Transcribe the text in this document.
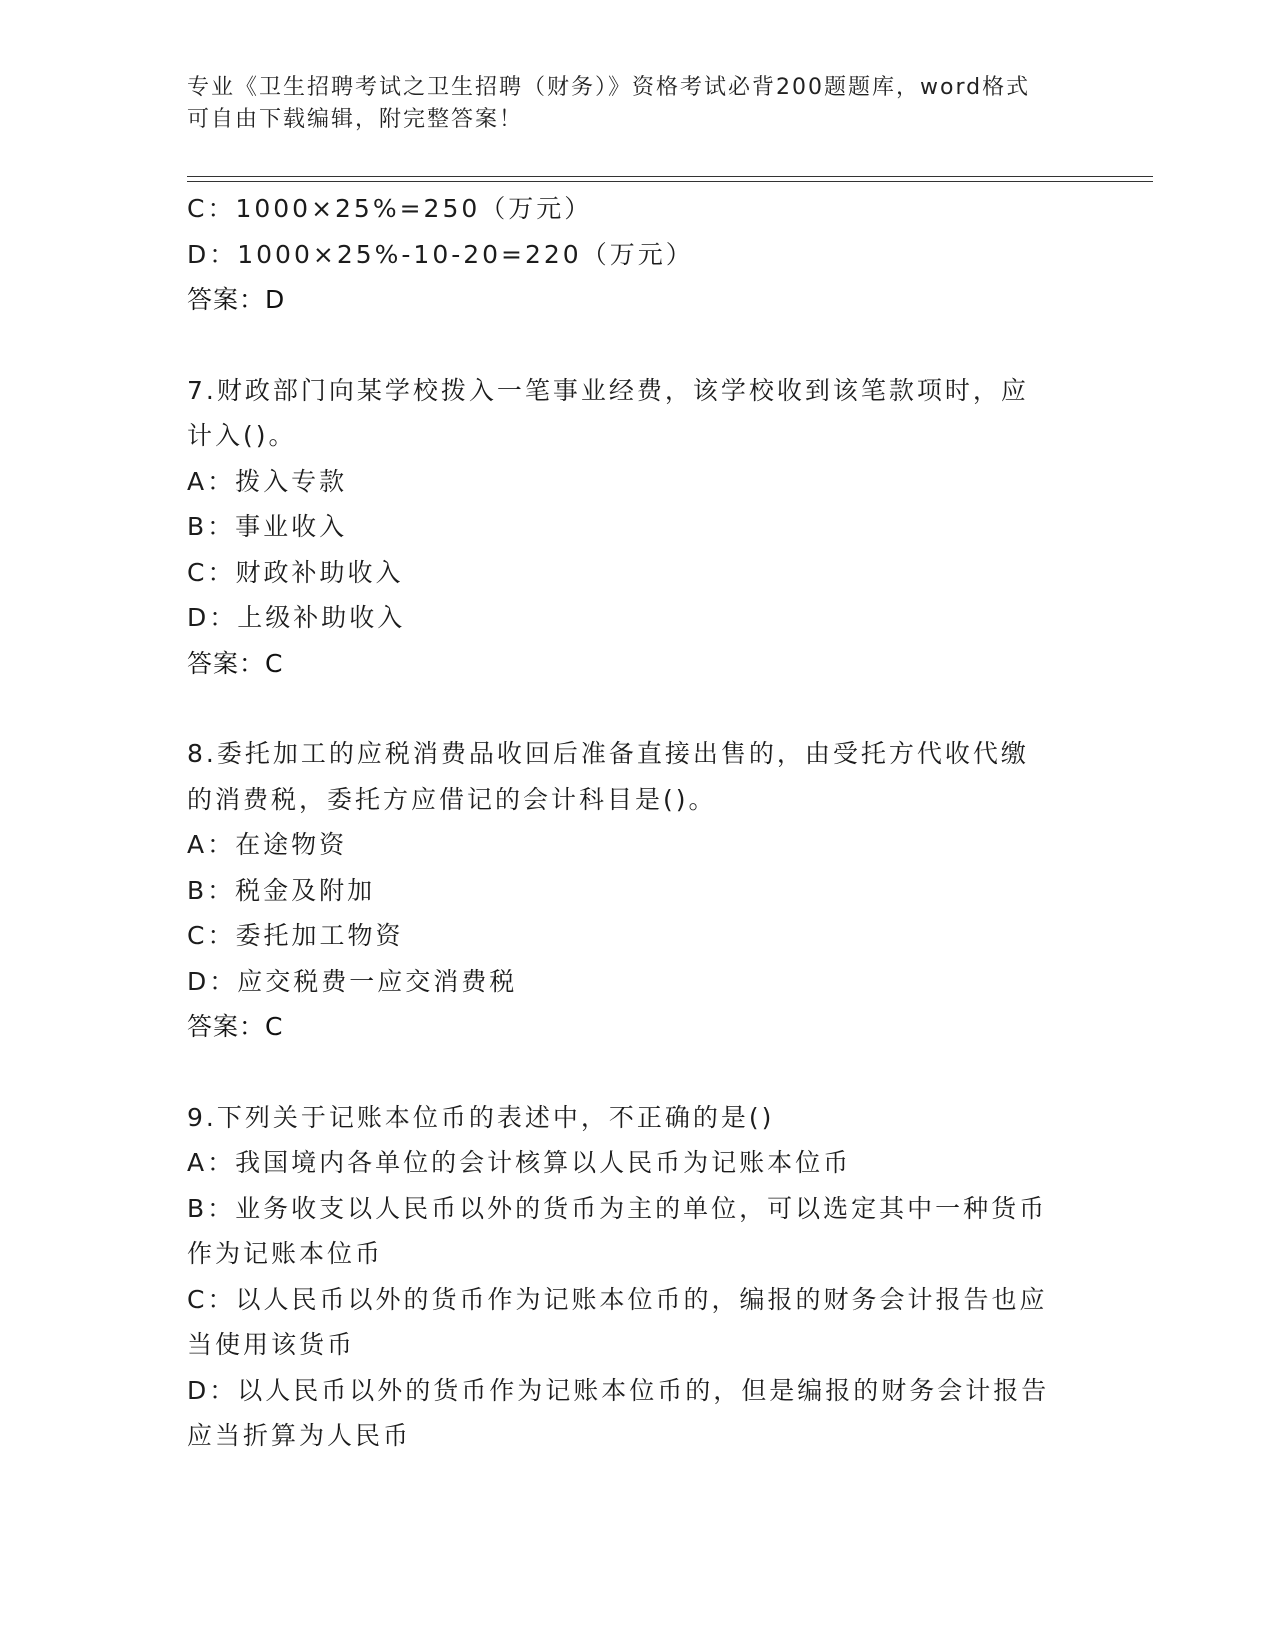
专业《卫生招聘考试之卫生招聘（财务）》资格考试必背200题题库，word格式
可自由下载编辑，附完整答案！
C：1000×25%=250（万元）
D：1000×25%-10-20=220（万元）
答案：D
7.财政部门向某学校拨入一笔事业经费，该学校收到该笔款项时，应
计入()。
A：拨入专款
B：事业收入
C：财政补助收入
D：上级补助收入
答案：C
8.委托加工的应税消费品收回后准备直接出售的，由受托方代收代缴
的消费税，委托方应借记的会计科目是()。
A：在途物资
B：税金及附加
C：委托加工物资
D：应交税费一应交消费税
答案：C
9.下列关于记账本位币的表述中，不正确的是()
A：我国境内各单位的会计核算以人民币为记账本位币
B：业务收支以人民币以外的货币为主的单位，可以选定其中一种货币
作为记账本位币
C：以人民币以外的货币作为记账本位币的，编报的财务会计报告也应
当使用该货币
D：以人民币以外的货币作为记账本位币的，但是编报的财务会计报告
应当折算为人民币
